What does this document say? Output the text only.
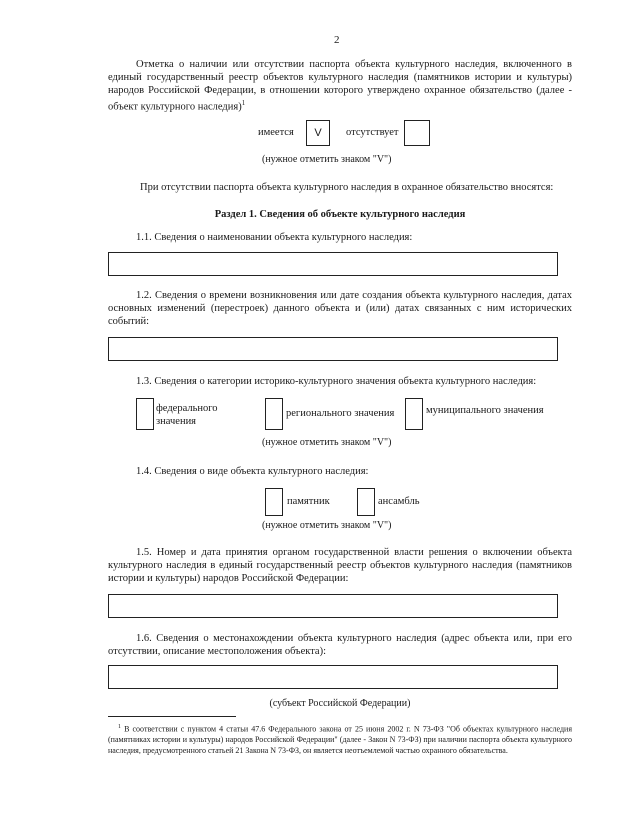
2
Отметка о наличии или отсутствии паспорта объекта культурного наследия, включенного в единый государственный реестр объектов культурного наследия (памятников истории и культуры) народов Российской Федерации, в отношении которого утверждено охранное обязательство (далее - объект культурного наследия)$^1$
имеется	V	отсутствует
(нужное отметить знаком "V")
При отсутствии паспорта объекта культурного наследия в охранное обязательство вносятся:
Раздел 1. Сведения об объекте культурного наследия
1.1. Сведения о наименовании объекта культурного наследия:
1.2. Сведения о времени возникновения или дате создания объекта культурного наследия, датах основных изменений (перестроек) данного объекта и (или) датах связанных с ним исторических событий:
1.3. Сведения о категории историко-культурного значения объекта культурного наследия:
федерального значения
регионального значения	муниципального значения
(нужное отметить знаком "V")
1.4. Сведения о виде объекта культурного наследия:
памятник	ансамбль
(нужное отметить знаком "V")
1.5. Номер и дата принятия органом государственной власти решения о включении объекта культурного наследия в единый государственный реестр объектов культурного наследия (памятников истории и культуры) народов Российской Федерации:
1.6. Сведения о местонахождении объекта культурного наследия (адрес объекта или, при его отсутствии, описание местоположения объекта):
(субъект Российской Федерации)
$^1$ В соответствии с пунктом 4 статьи 47.6 Федерального закона от 25 июня 2002 г. N 73-ФЗ "Об объектах культурного наследия (памятниках истории и культуры) народов Российской Федерации" (далее - Закон N 73-ФЗ) при наличии паспорта объекта культурного наследия, предусмотренного статьей 21 Закона N 73-ФЗ, он является неотъемлемой частью охранного обязательства.
